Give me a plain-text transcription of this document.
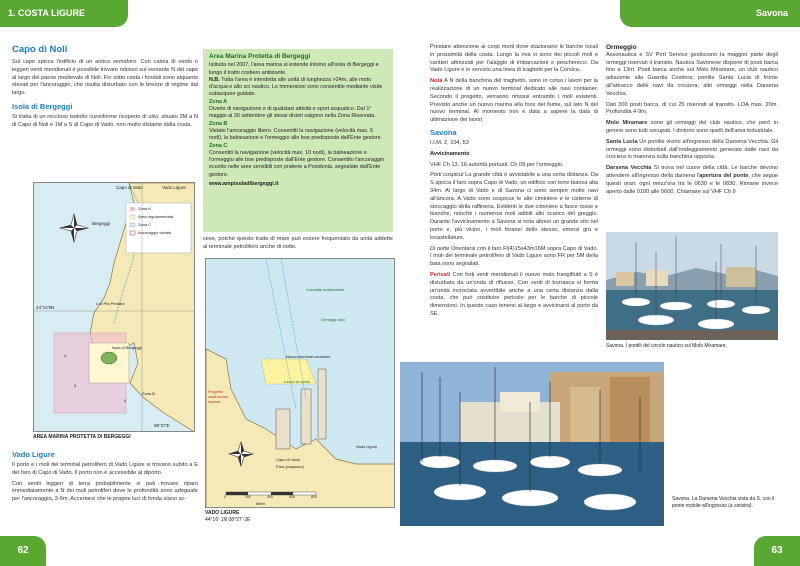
1. COSTA LIGURE
Capo di Noli

Sul capo spicca l'edificio di un antico semaforo. Con calma di vento o leggeri venti meridionali è possibile trovare ridosso sul versante N dei capo al largo del paese medievale di Noli. Fin sotto costa i fondali sono alquanto elevati per l'ancoraggio, che risulta disturbato con le brezze di regime dal largo.

Isola di Bergeggi

Si tratta di un roccioso isolotto cuneiforme ricoperto di ulivi, situato 2M a N di Capo di Noli e 1M a S di Capo di Vado, non molto distante dalla costa.

Capo di Vado	Vado Ligure
Bergeggi
44°14'5N
Loc Pta Predani
Isola di Bergeggi
Zona A
Area regolamentata
Zona C
Ancoraggio vietato
Zona B
4
5
6
08°27'E
AREA MARINA PROTETTA DI BERGEGGI
Vado Ligure

Il porto e i moli del terminal petrolifero di Vado Ligure si trovano subito a E del faro di Capo di Vado. Il porto non è accessibile al diporto.

Con sentii leggeri di terra probabilmente si può trovare riparo immediatamente a N dei moli petroliferi dove le profondità sono adeguate per l'ancoraggio, 3-6m. Accertarsi che le proprie luci di fonda siano ac-

Area Marina Protetta di Bergeggi
Istituita nel 2007, l'area marina si estende intorno all'isola di Bergeggi e lungo il tratto costiero antistante.
N.B. Tutta l'area è interdetta alle unità di lunghezza >24m, alle moto d'acqua e allo sci nautico. Le immersioni sono consentite mediante visite subacquee guidate.
Zona A
Divieto di navigazione e di qualsiasi attività e sport acquatico. Dal 1° maggio al 30 settembre gli stessi divieti valgono nella Zona Riservata.
Zona B
Vietato l'ancoraggio libero. Consentiti la navigazione (velocità max. 5 nodi), la balneazione e l'ormeggio alle boe predisposte dall'Ente gestore.
Zona C
Consentiti la navigazione (velocità max. 10 nodi), la balneazione e l'ormeggio alle boe predisposte dall'Ente gestore. Consentito l'ancoraggio eccetto nelle aree sensibili con praterie a Posidonia, segnalate dall'Ente gestore.
www.ampisoladibergeggi.it

cese, poiché questo tratto di mare può essere frequentato da unità addette al terminale petrolifero anche di notte.

Condotte sottomarine
Ormeggi navi
Nuovo terminal container
Lavori in corso
Progetto costruzione marina
Vado Ligure
Capo di Vado
Faro (cospicuo)
0	200	400	600	800
Metri
VADO LIGURE
44°16'·1N 08°27'·2E
62
Savona

Prestare attenzione ai corpi morti dove stazionano le barche locali in prossimità della costa. Lungo la riva vi sono dei piccoli moli e cantieri attrezzati per l'alaggio di imbarcazioni e pescherecci. Da Vado Ligure è in servizio una linea di traghetti per la Corsica.

Nota A N della banchina del traghetto, sono in corso i lavori per la realizzazione di un nuovo terminal dedicato alle navi container. Secondo il progetto, verranno rimossi entrambi i moli esistenti. Previsto anche un nuovo marina alla foce del fiume, sul lato N del nuovo terminal. Al momento non è data a sapere la data di ultimazione dei lavori.

Savona

I.I.M. 2, 104, 53

Avvicinamento

VHF Ch 13, 16 autorità portuali. Ch 09 per l'ormeggio.

Porti cospicui La grande città è avvistabile a una certa distanza. Da S spicca il faro sopra Capo di Vado, un edificio con torre bianca alta 34m. Al largo di Vado e di Savona ci sono sempre molte navi all'ancora. A Vado sono cospicue le alte ciminiere e le cisterne di stoccaggio della raffineria. Evidenti le due ciminiere a fasce rosse e bianche, nonché i numerosi moli adibiti allo scarico del greggio. Durante l'avvicinamento a Savona si nota altresì un grande silo nel porto e, più vicino, i moli foranei dello stesso, emersi grù e locastellature.

Di notte Orientarsi con il faro Fl(4)15s43m16M sopra Capo di Vado. I moli del terminale petrolifero di Vado Ligure sono FR per 5M della baia sono segnalati.

Pericoli Con forti venti meridionali il nuovo molo frangiflutti a S è disturbato da un'onda di riflusso. Con venti di burrasca si forma un'onda incrociata avvertibile anche a una certa distanza dalla costa, che può costituire pericolo per le barche di piccole dimensioni. In questo caso tenersi al largo e avvicinarsi al porto da SE.

Ormeggio

Assonautica e SV Port Service gestiscono la maggior parte degli ormeggi riservati il transito. Nautica Savonese dispone di posti barca fino a 13m. Posti barca anche sul Molo Miramare, un club nautico adiacente alla Guardia Costiera; pontile Santa Lucia di fronte all'attracco delle navi da crociera; altri ormeggi nella Darsena Vecchia.

Dati 300 posti barca, di cui 25 riservati al transito. LOA max. 20m. Profondità 4-9m.

Molo Miramare sono gli ormeggi del club nautico, che però in genere sono tutti occupati. I dintorni sono quelli dell'area industriale.

Santa Lucia Un pontile vicino all'ingresso della Darsena Vecchia. Gli ormeggi sono disturbati dall'ondeggiamento generato dalle navi da crociera in manovra sulla banchina opposta.

Darsena Vecchia Si trova nel cuore della città. Le barche devono attendere all'ingresso della darsena l'apertura del ponte, che segue questi orari: ogni mezz'ora tra le 0630 e le 0830. Rimane invece aperto dalle 0100 alle 0600. Chiamare sul VHF Ch 9

Savona. I pontili del circolo nautico sul Molo Miramare.
Savona. La Darsena Vecchia vista da S, con il ponte mobile all'ingresso (a sinistra).
63
